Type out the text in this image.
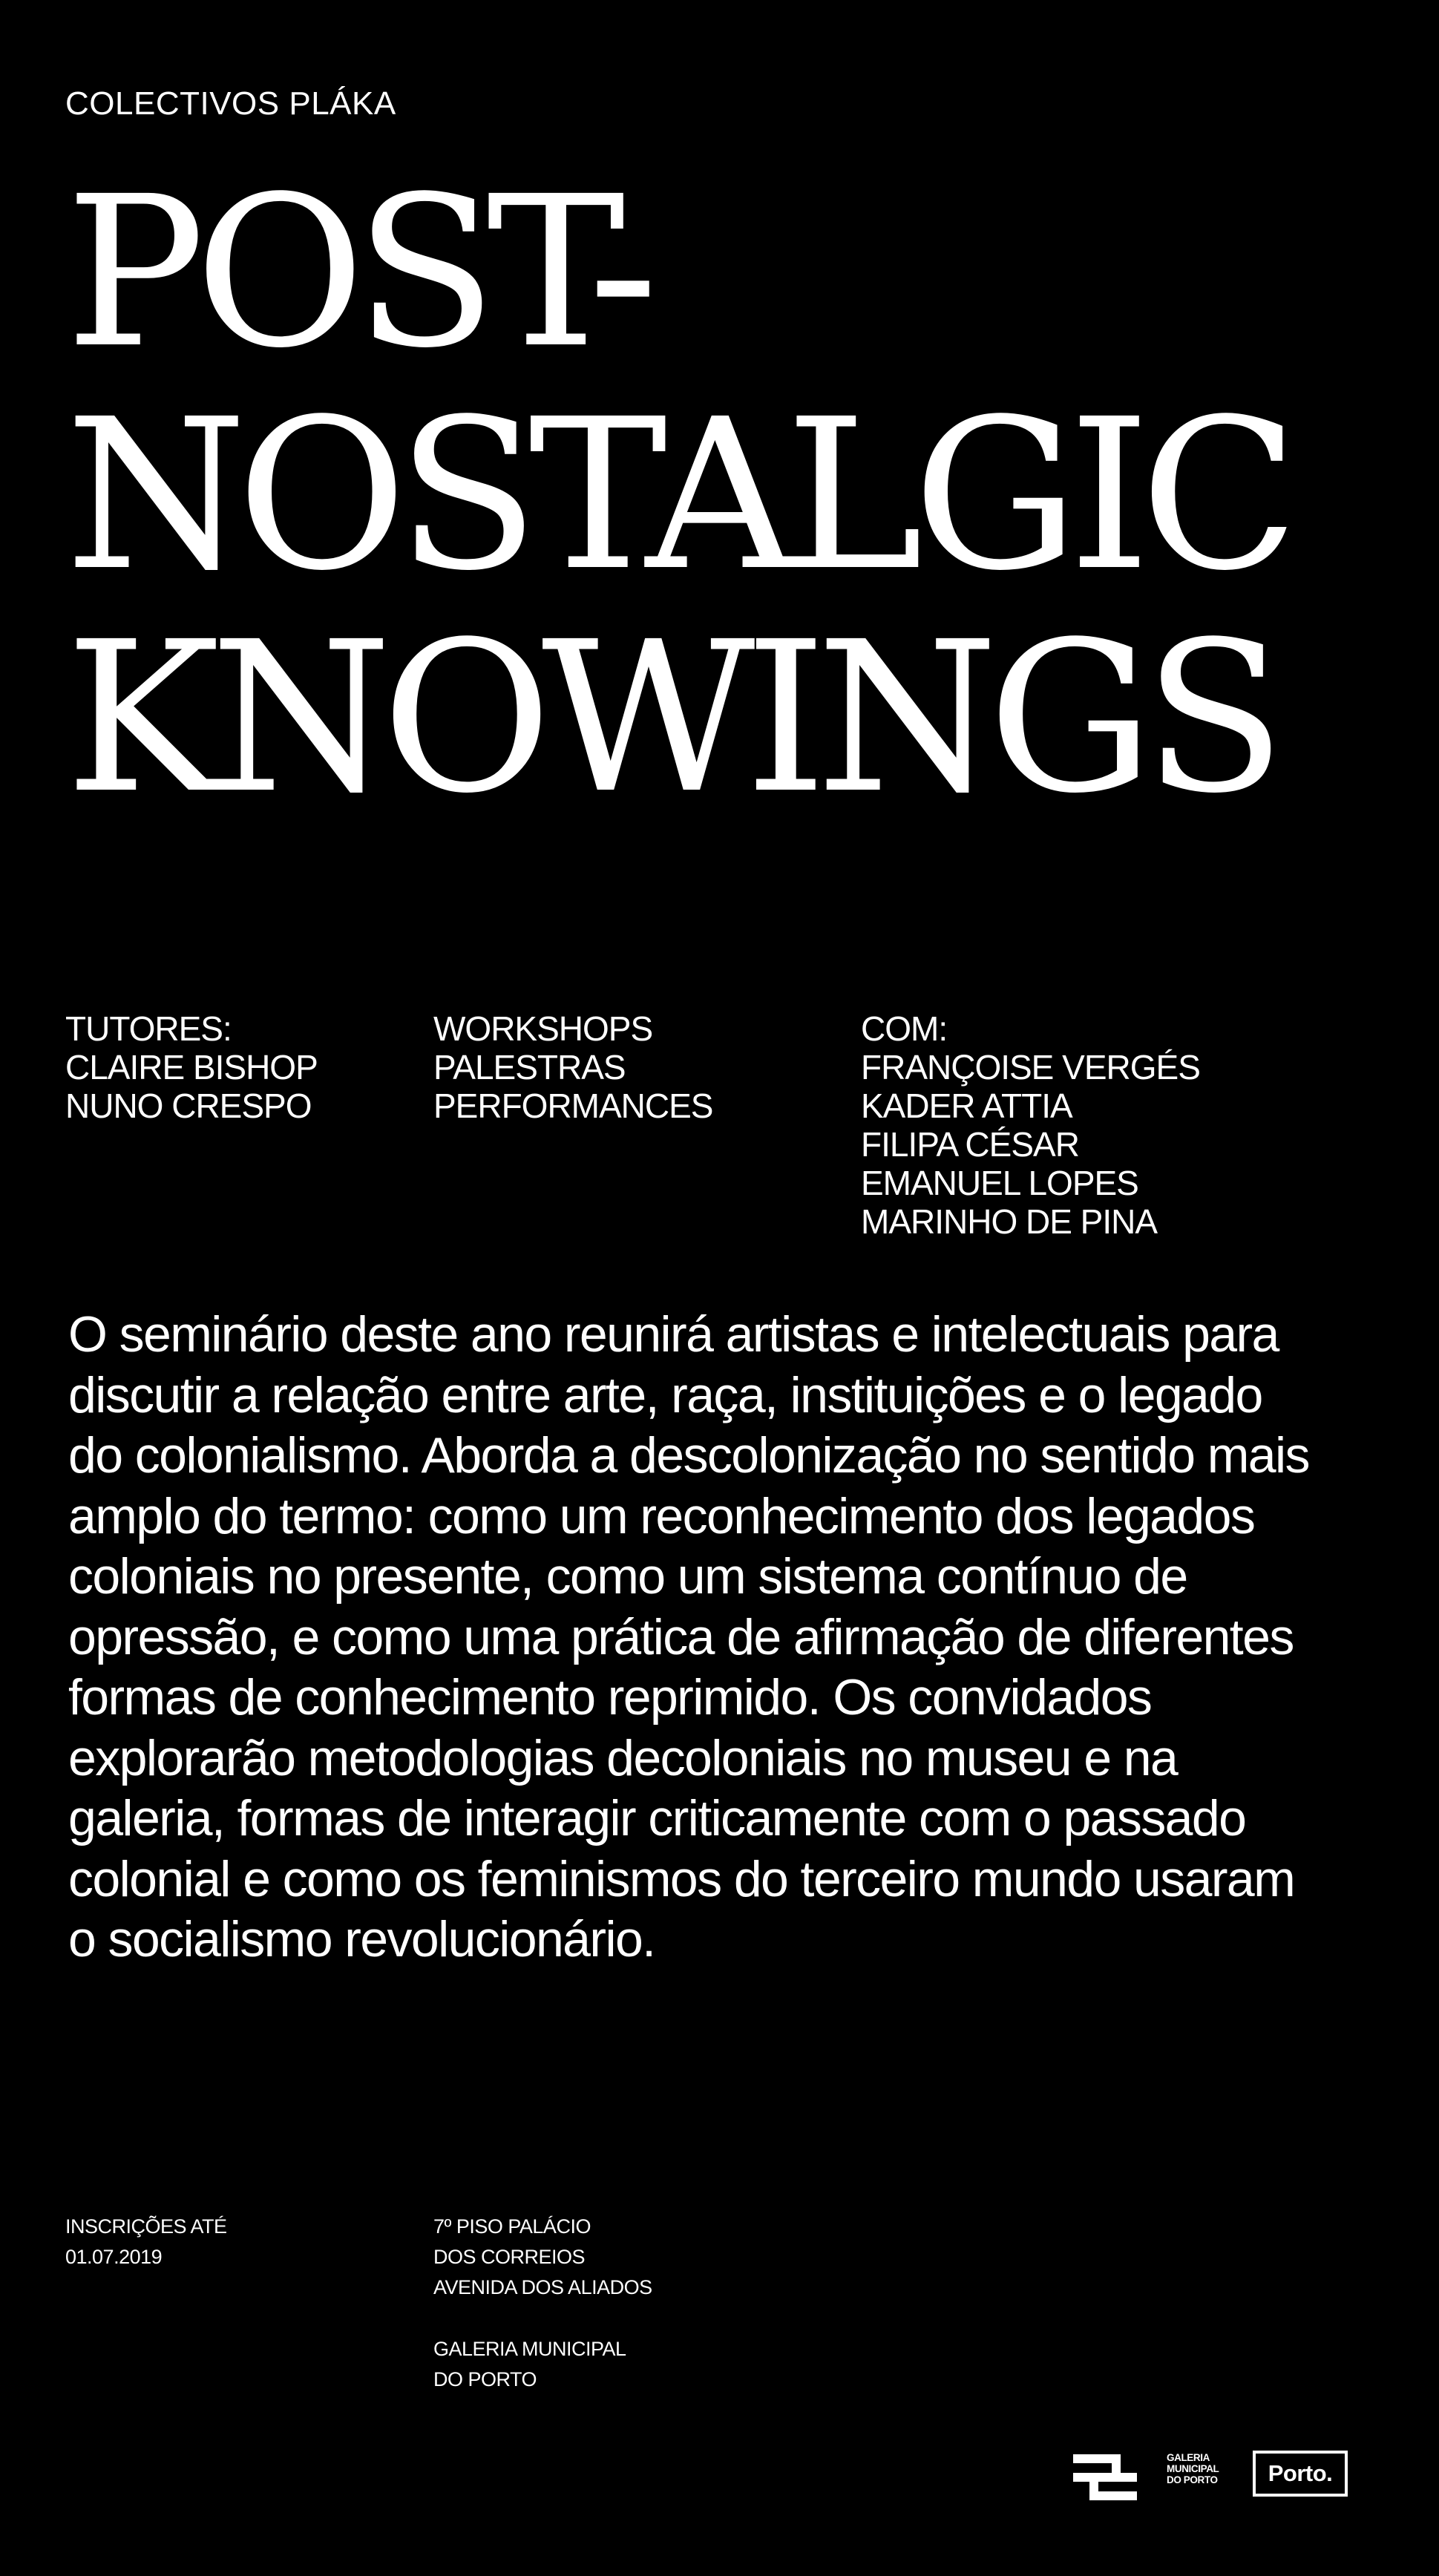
COLECTIVOS PLÁKA
POST-
NOSTALGIC
KNOWINGS
TUTORES:
CLAIRE BISHOP
NUNO CRESPO
WORKSHOPS
PALESTRAS
PERFORMANCES
COM:
FRANÇOISE VERGÉS
KADER ATTIA
FILIPA CÉSAR
EMANUEL LOPES
MARINHO DE PINA

O seminário deste ano reunirá artistas e intelectuais para discutir a relação entre arte, raça, instituições e o legado do colonialismo. Aborda a descolonização no sentido mais amplo do termo: como um reconhecimento dos legados coloniais no presente, como um sistema contínuo de opressão, e como uma prática de afirmação de diferentes formas de conhecimento reprimido. Os convidados explorarão metodologias decoloniais no museu e na galeria, formas de interagir criticamente com o passado colonial e como os feminismos do terceiro mundo usaram o socialismo revolucionário.

INSCRIÇÕES ATÉ
01.07.2019
7º PISO PALÁCIO
DOS CORREIOS
AVENIDA DOS ALIADOS
GALERIA MUNICIPAL
DO PORTO
GALERIA
MUNICIPAL
DO PORTO	Porto.
